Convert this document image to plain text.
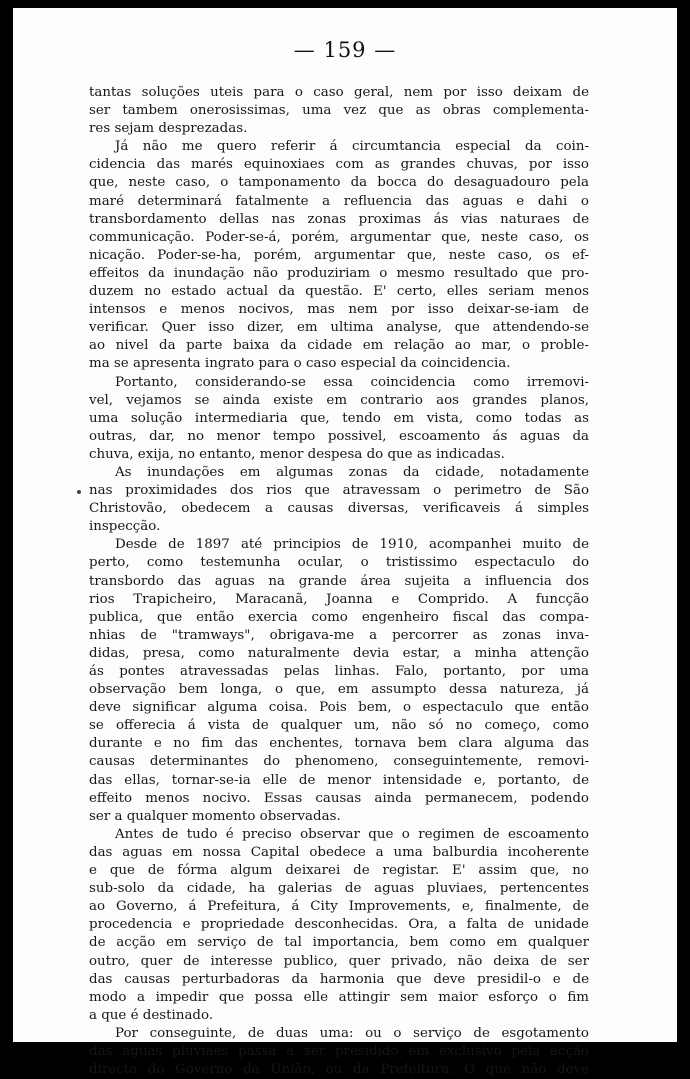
— 159 —

tantas soluções uteis para o caso geral, nem por isso deixam de
ser tambem onerosissimas, uma vez que as obras complementa-
res sejam desprezadas.

Já não me quero referir á circumtancia especial da coin-
cidencia das marés equinoxiaes com as grandes chuvas, por isso
que, neste caso, o tamponamento da bocca do desaguadouro pela
maré determinará fatalmente a refluencia das aguas e dahi o
transbordamento dellas nas zonas proximas ás vias naturaes de
communicação. Poder-se-á, porém, argumentar que, neste caso, os
nicação. Poder-se-ha, porém, argumentar que, neste caso, os ef-
effeitos da inundação não produziriam o mesmo resultado que pro-
duzem no estado actual da questão. E' certo, elles seriam menos
intensos e menos nocivos, mas nem por isso deixar-se-iam de
verificar. Quer isso dizer, em ultima analyse, que attendendo-se
ao nivel da parte baixa da cidade em relação ao mar, o proble-
ma se apresenta ingrato para o caso especial da coincidencia.

Portanto, considerando-se essa coincidencia como irremovi-
vel, vejamos se ainda existe em contrario aos grandes planos,
uma solução intermediaria que, tendo em vista, como todas as
outras, dar, no menor tempo possivel, escoamento ás aguas da
chuva, exija, no entanto, menor despesa do que as indicadas.

As inundações em algumas zonas da cidade, notadamente
nas proximidades dos rios que atravessam o perimetro de São
Christovão, obedecem a causas diversas, verificaveis á simples
inspecção.

Desde de 1897 até principios de 1910, acompanhei muito de
perto, como testemunha ocular, o tristissimo espectaculo do
transbordo das aguas na grande área sujeita a influencia dos
rios Trapicheiro, Maracanã, Joanna e Comprido. A funcção
publica, que então exercia como engenheiro fiscal das compa-
nhias de "tramways", obrigava-me a percorrer as zonas inva-
didas, presa, como naturalmente devia estar, a minha attenção
ás pontes atravessadas pelas linhas. Falo, portanto, por uma
observação bem longa, o que, em assumpto dessa natureza, já
deve significar alguma coisa. Pois bem, o espectaculo que então
se offerecia á vista de qualquer um, não só no começo, como
durante e no fim das enchentes, tornava bem clara alguma das
causas determinantes do phenomeno, conseguintemente, removi-
das ellas, tornar-se-ia elle de menor intensidade e, portanto, de
effeito menos nocivo. Essas causas ainda permanecem, podendo
ser a qualquer momento observadas.

Antes de tudo é preciso observar que o regimen de escoamento
das aguas em nossa Capital obedece a uma balburdia incoherente
e que de fórma algum deixarei de registar. E' assim que, no
sub-solo da cidade, ha galerias de aguas pluviaes, pertencentes
ao Governo, á Prefeitura, á City Improvements, e, finalmente, de
procedencia e propriedade desconhecidas. Ora, a falta de unidade
de acção em serviço de tal importancia, bem como em qualquer
outro, quer de interesse publico, quer privado, não deixa de ser
das causas perturbadoras da harmonia que deve presidil-o e de
modo a impedir que possa elle attingir sem maior esforço o fim
a que é destinado.

Por conseguinte, de duas uma: ou o serviço de esgotamento
das aguas pluviaes passa a ser presidido em exclusivo pela acção
directa do Governo da União, ou da Prefeitura. O que não deve
